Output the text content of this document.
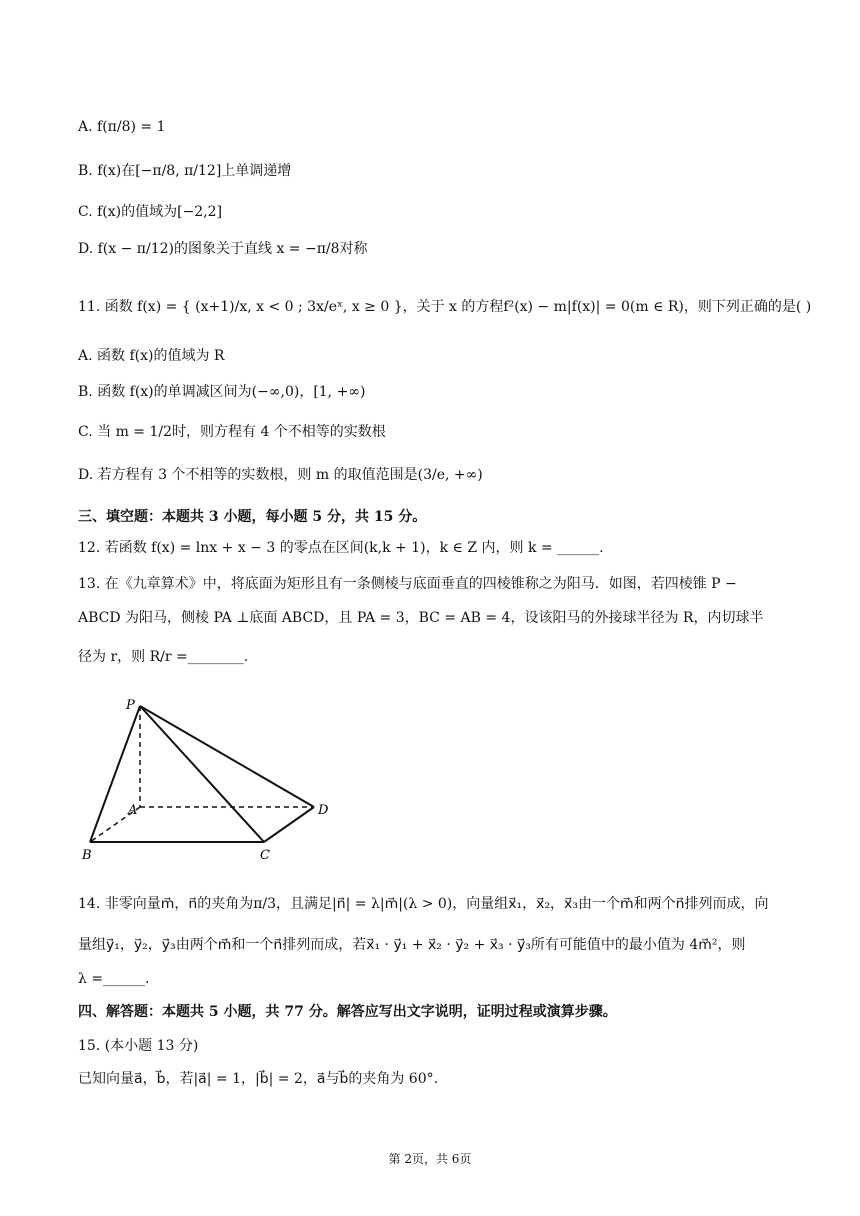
A. f(π/8) = 1
B. f(x)在[−π/8, π/12]上单调递增
C. f(x)的值域为[−2,2]
D. f(x − π/12)的图象关于直线 x = −π/8对称
11. 函数 f(x) = { (x+1)/x, x < 0 ; 3x/eˣ, x ≥ 0 }，关于 x 的方程f²(x) − m|f(x)| = 0(m ∈ R)，则下列正确的是( )
A. 函数 f(x)的值域为 R
B. 函数 f(x)的单调减区间为(−∞,0)，[1, +∞)
C. 当 m = 1/2时，则方程有 4 个不相等的实数根
D. 若方程有 3 个不相等的实数根，则 m 的取值范围是(3/e, +∞)
三、填空题：本题共 3 小题，每小题 5 分，共 15 分。
12. 若函数 f(x) = lnx + x − 3 的零点在区间(k,k + 1)，k ∈ Z 内，则 k = ______.
13. 在《九章算术》中，将底面为矩形且有一条侧棱与底面垂直的四棱锥称之为阳马．如图，若四棱锥 P −
ABCD 为阳马，侧棱 PA ⊥底面 ABCD，且 PA = 3，BC = AB = 4，设该阳马的外接球半径为 R，内切球半
径为 r，则 R/r =________.
P
A
B	C
D
14. 非零向量m⃗，n⃗的夹角为π/3，且满足|n⃗| = λ|m⃗|(λ > 0)，向量组x⃗₁，x⃗₂，x⃗₃由一个m⃗和两个n⃗排列而成，向
量组y⃗₁，y⃗₂，y⃗₃由两个m⃗和一个n⃗排列而成，若x⃗₁ · y⃗₁ + x⃗₂ · y⃗₂ + x⃗₃ · y⃗₃所有可能值中的最小值为 4m⃗²，则
λ =______.
四、解答题：本题共 5 小题，共 77 分。解答应写出文字说明，证明过程或演算步骤。
15. (本小题 13 分)
已知向量a⃗，b⃗，若|a⃗| = 1，|b⃗| = 2，a⃗与b⃗的夹角为 60°.
第 2页，共 6页
